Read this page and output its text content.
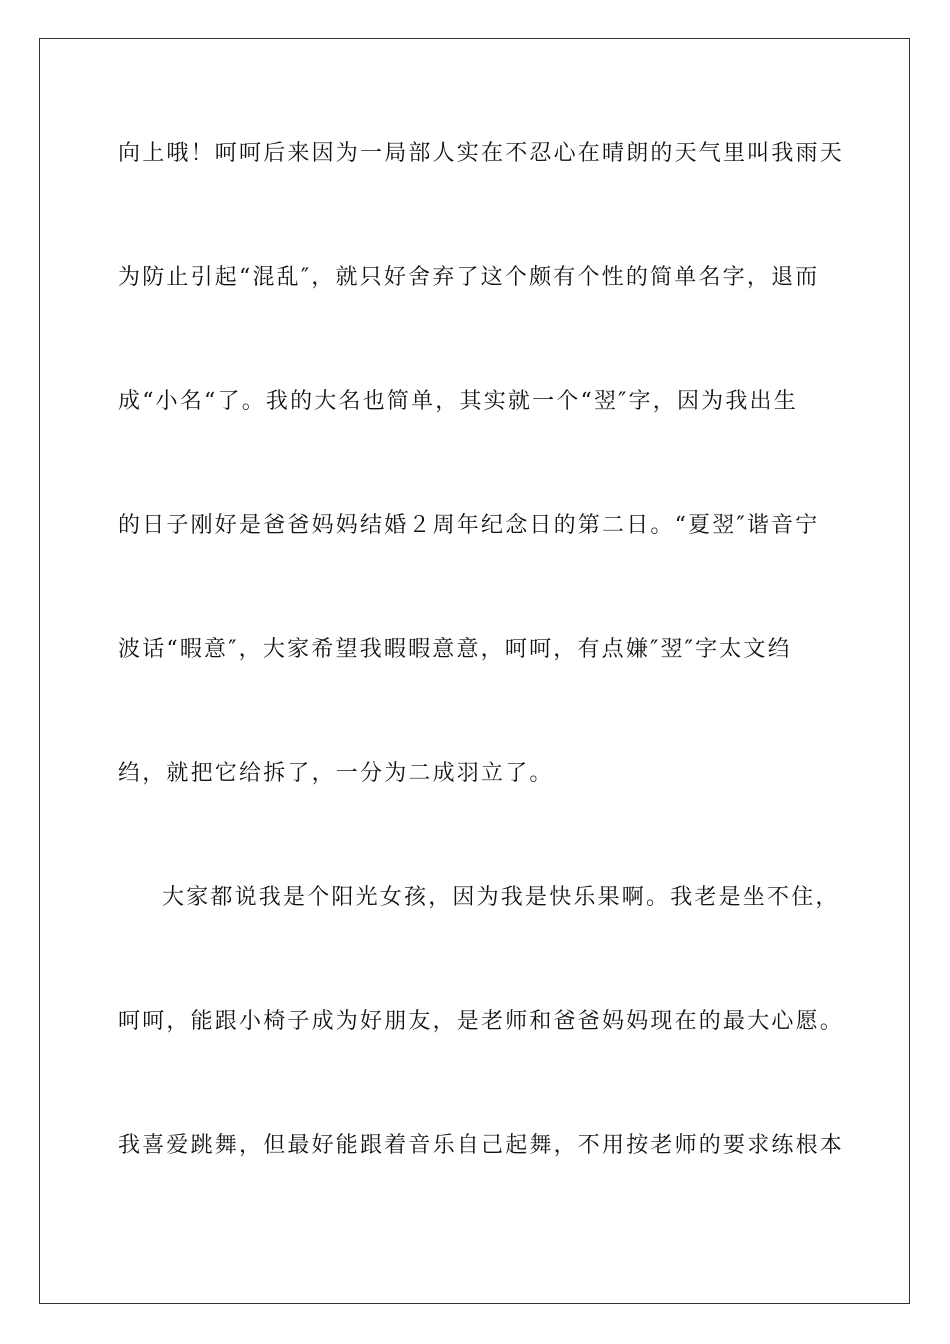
向上哦！呵呵后来因为一局部人实在不忍心在晴朗的天气里叫我雨天
为防止引起“混乱″，就只好舍弃了这个颇有个性的简单名字，退而
成“小名“了。我的大名也简单，其实就一个“翌″字，因为我出生
的日子刚好是爸爸妈妈结婚２周年纪念日的第二日。“夏翌″谐音宁
波话“暇意″，大家希望我暇暇意意，呵呵，有点嫌″翌″字太文绉
绉，就把它给拆了，一分为二成羽立了。
大家都说我是个阳光女孩，因为我是快乐果啊。我老是坐不住，
呵呵，能跟小椅子成为好朋友，是老师和爸爸妈妈现在的最大心愿。
我喜爱跳舞，但最好能跟着音乐自己起舞，不用按老师的要求练根本
